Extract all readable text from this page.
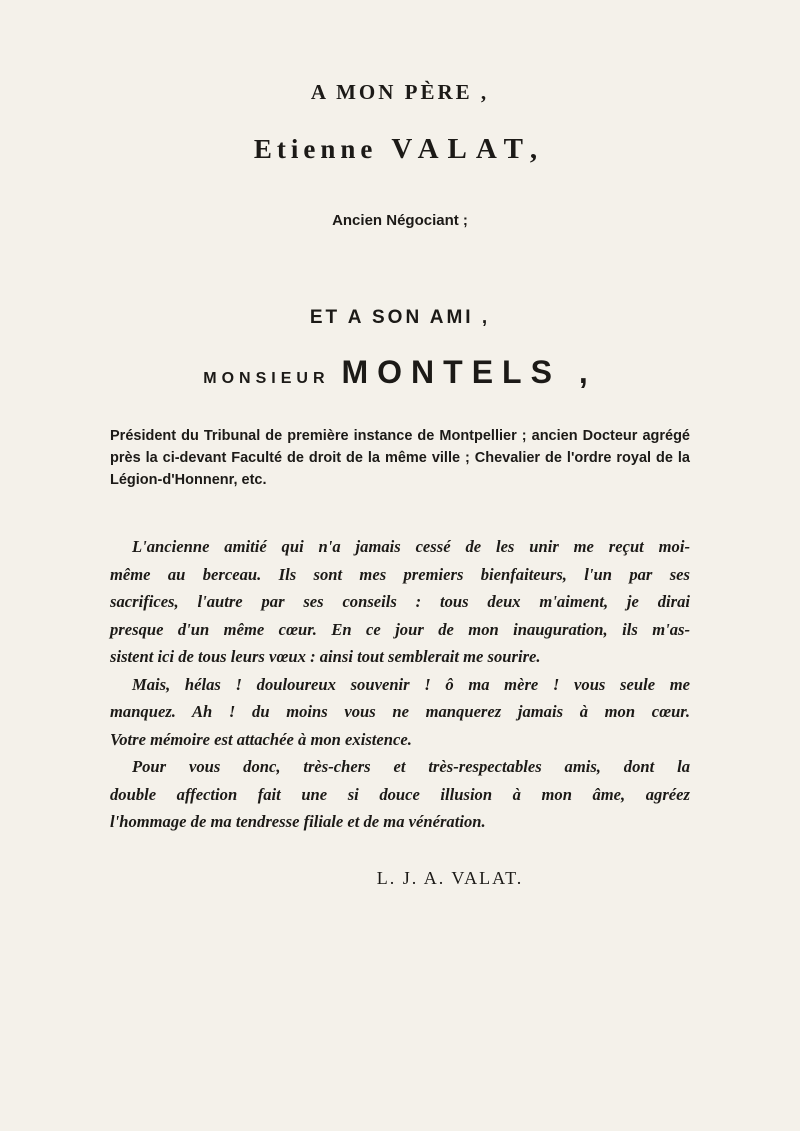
A MON PÈRE ,
Etienne VALAT,
Ancien Négociant ;
ET A SON AMI ,
MONSIEUR MONTELS ,
Président du Tribunal de première instance de Montpellier ; ancien Docteur agrégé près la ci-devant Faculté de droit de la même ville ; Chevalier de l'ordre royal de la Légion-d'Honnenr, etc.
L'ancienne amitié qui n'a jamais cessé de les unir me reçut moi-
même au berceau. Ils sont mes premiers bienfaiteurs, l'un par ses
sacrifices, l'autre par ses conseils : tous deux m'aiment, je dirai
presque d'un même cœur. En ce jour de mon inauguration, ils m'as-
sistent ici de tous leurs vœux : ainsi tout semblerait me sourire.
Mais, hélas ! douloureux souvenir ! ô ma mère ! vous seule me
manquez. Ah ! du moins vous ne manquerez jamais à mon cœur.
Votre mémoire est attachée à mon existence.
Pour vous donc, très-chers et très-respectables amis, dont la
double affection fait une si douce illusion à mon âme, agréez
l'hommage de ma tendresse filiale et de ma vénération.
L. J. A. VALAT.
